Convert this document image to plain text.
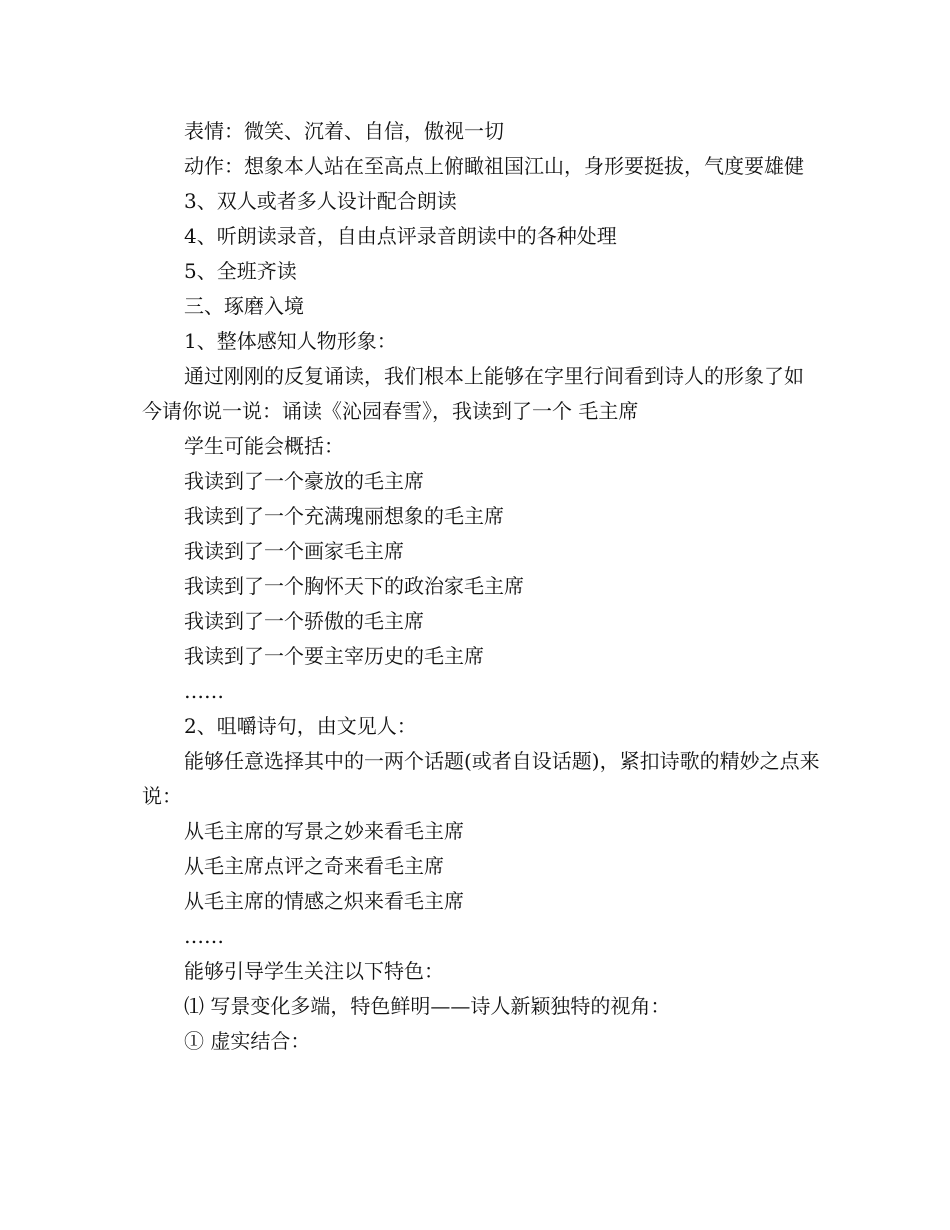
表情：微笑、沉着、自信，傲视一切

动作：想象本人站在至高点上俯瞰祖国江山，身形要挺拔，气度要雄健

3、双人或者多人设计配合朗读

4、听朗读录音，自由点评录音朗读中的各种处理

5、全班齐读

三、琢磨入境

1、整体感知人物形象：

通过刚刚的反复诵读，我们根本上能够在字里行间看到诗人的形象了如今请你说一说：诵读《沁园春雪》，我读到了一个 毛主席

学生可能会概括：

我读到了一个豪放的毛主席

我读到了一个充满瑰丽想象的毛主席

我读到了一个画家毛主席

我读到了一个胸怀天下的政治家毛主席

我读到了一个骄傲的毛主席

我读到了一个要主宰历史的毛主席

……

2、咀嚼诗句，由文见人：

能够任意选择其中的一两个话题(或者自设话题)，紧扣诗歌的精妙之点来说：

从毛主席的写景之妙来看毛主席

从毛主席点评之奇来看毛主席

从毛主席的情感之炽来看毛主席

……

能够引导学生关注以下特色：

⑴ 写景变化多端，特色鲜明——诗人新颖独特的视角：

① 虚实结合：
